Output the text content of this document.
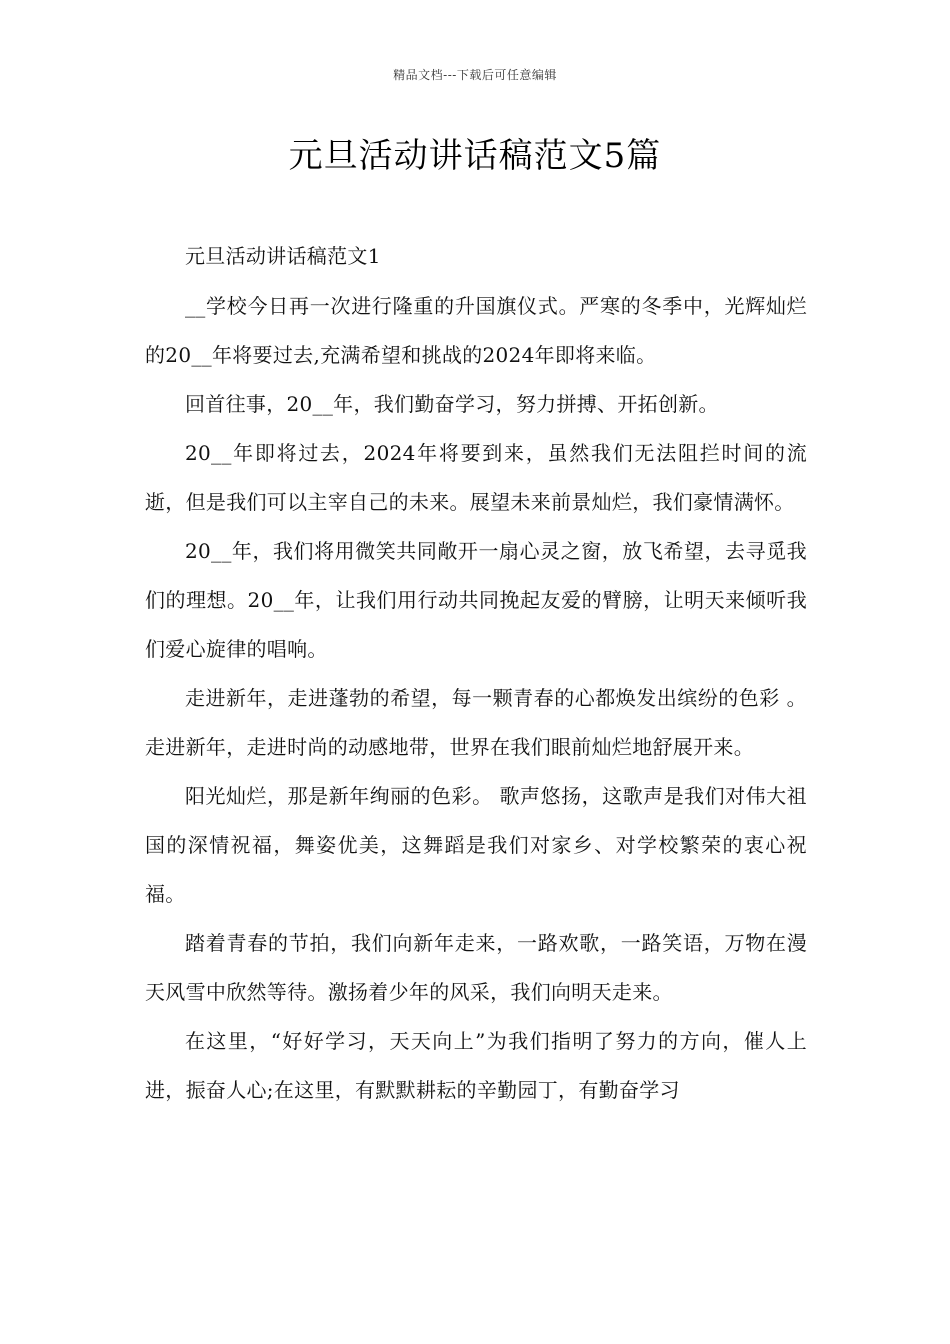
精品文档---下载后可任意编辑
元旦活动讲话稿范文5篇

元旦活动讲话稿范文1

__学校今日再一次进行隆重的升国旗仪式。严寒的冬季中，光辉灿烂的20__年将要过去,充满希望和挑战的2024年即将来临。

回首往事，20__年，我们勤奋学习，努力拼搏、开拓创新。

20__年即将过去，2024年将要到来，虽然我们无法阻拦时间的流逝，但是我们可以主宰自己的未来。展望未来前景灿烂，我们豪情满怀。

20__年，我们将用微笑共同敞开一扇心灵之窗，放飞希望，去寻觅我们的理想。20__年，让我们用行动共同挽起友爱的臂膀，让明天来倾听我们爱心旋律的唱响。

走进新年，走进蓬勃的希望，每一颗青春的心都焕发出缤纷的色彩 。走进新年，走进时尚的动感地带，世界在我们眼前灿烂地舒展开来。

阳光灿烂，那是新年绚丽的色彩。 歌声悠扬，这歌声是我们对伟大祖国的深情祝福，舞姿优美，这舞蹈是我们对家乡、对学校繁荣的衷心祝福。

踏着青春的节拍，我们向新年走来，一路欢歌，一路笑语，万物在漫天风雪中欣然等待。激扬着少年的风采，我们向明天走来。

在这里，“好好学习，天天向上”为我们指明了努力的方向，催人上进，振奋人心;在这里，有默默耕耘的辛勤园丁，有勤奋学习
